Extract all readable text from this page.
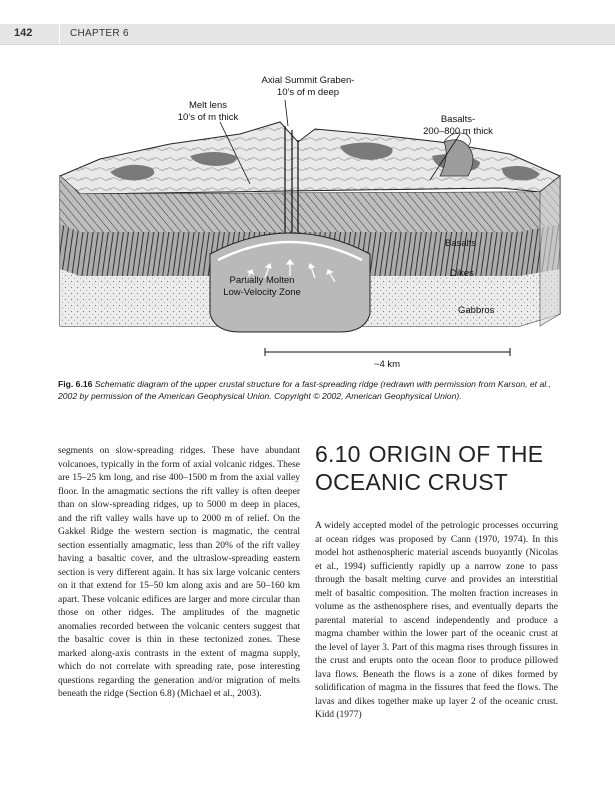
142	CHAPTER 6
Axial Summit Graben-
10’s of m deep
Melt lens
10’s of m thick	Basalts-
200–800 m thick
Basalts
Dikes
Gabbros
Partially Molten
Low-Velocity Zone
~4 km
Fig. 6.16 Schematic diagram of the upper crustal structure for a fast-spreading ridge (redrawn with permission from Karson, et al., 2002 by permission of the American Geophysical Union. Copyright © 2002, American Geophysical Union).
segments on slow-spreading ridges. These have abundant volcanoes, typically in the form of axial volcanic ridges. These are 15–25 km long, and rise 400–1500 m from the axial valley floor. In the amagmatic sections the rift valley is often deeper than on slow-spreading ridges, up to 5000 m deep in places, and the rift valley walls have up to 2000 m of relief. On the Gakkel Ridge the western section is magmatic, the central section essentially amagmatic, less than 20% of the rift valley having a basaltic cover, and the ultraslow-spreading eastern section is very different again. It has six large volcanic centers on it that extend for 15–50 km along axis and are 50–160 km apart. These volcanic edifices are larger and more circular than those on other ridges. The amplitudes of the magnetic anomalies recorded between the volcanic centers suggest that the basaltic cover is thin in these tectonized zones. These marked along-axis contrasts in the extent of magma supply, which do not correlate with spreading rate, pose interesting questions regarding the generation and/or migration of melts beneath the ridge (Section 6.8) (Michael et al., 2003).
6.10 ORIGIN OF THE OCEANIC CRUST
A widely accepted model of the petrologic processes occurring at ocean ridges was proposed by Cann (1970, 1974). In this model hot asthenospheric material ascends buoyantly (Nicolas et al., 1994) sufficiently rapidly up a narrow zone to pass through the basalt melting curve and provides an interstitial melt of basaltic composition. The molten fraction increases in volume as the asthenosphere rises, and eventually departs the parental material to ascend independently and produce a magma chamber within the lower part of the oceanic crust at the level of layer 3. Part of this magma rises through fissures in the crust and erupts onto the ocean floor to produce pillowed lava flows. Beneath the flows is a zone of dikes formed by solidification of magma in the fissures that feed the flows. The lavas and dikes together make up layer 2 of the oceanic crust. Kidd (1977)
